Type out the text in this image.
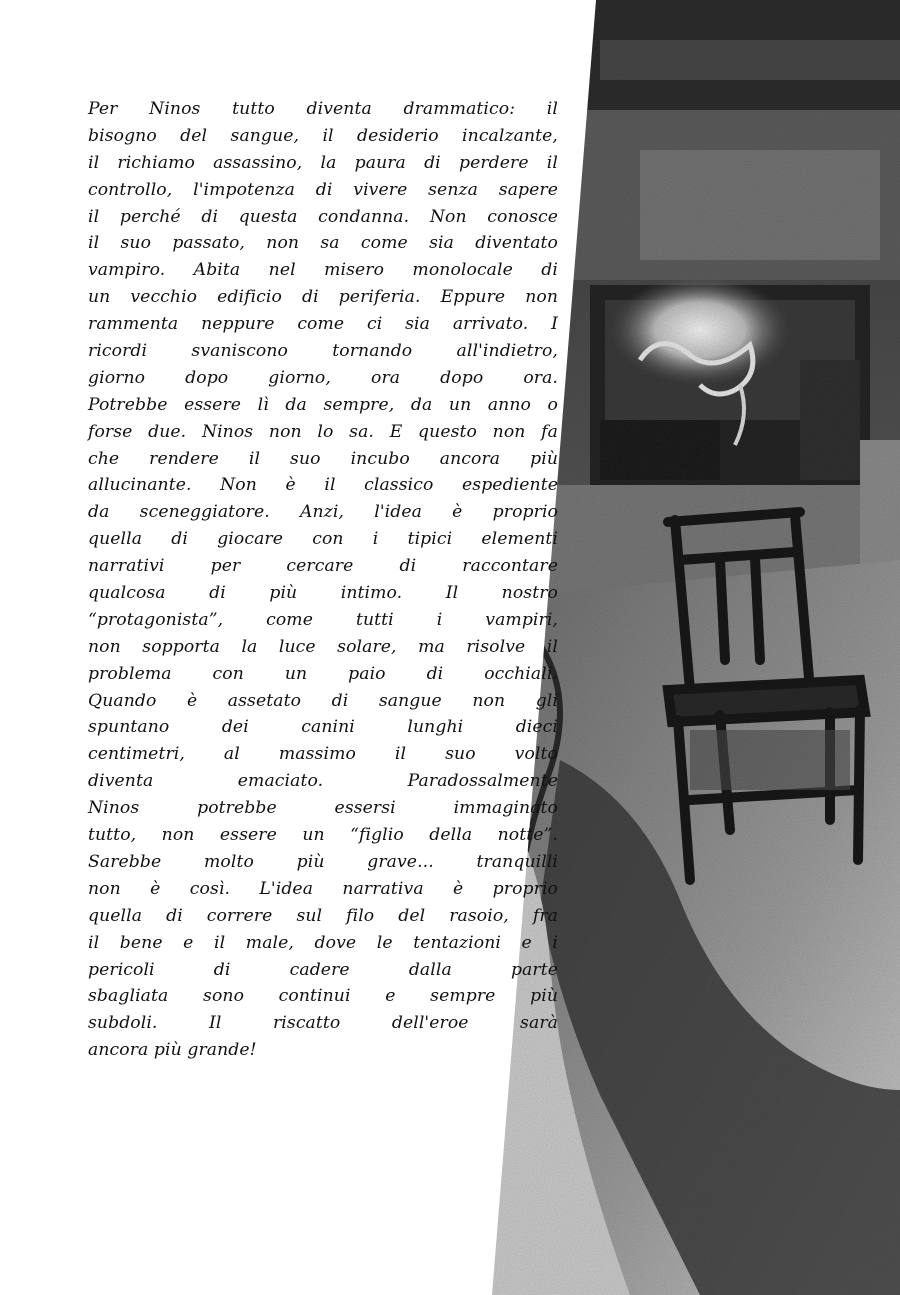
Per Ninos tutto diventa drammatico: il
bisogno del sangue, il desiderio incalzante,
il richiamo assassino, la paura di perdere il
controllo, l'impotenza di vivere senza sapere
il perché di questa condanna. Non conosce
il suo passato, non sa come sia diventato
vampiro. Abita nel misero monolocale di
un vecchio edificio di periferia. Eppure non
rammenta neppure come ci sia arrivato. I
ricordi svaniscono tornando all'indietro,
giorno dopo giorno, ora dopo ora.
Potrebbe essere lì da sempre, da un anno o
forse due. Ninos non lo sa. E questo non fa
che rendere il suo incubo ancora più
allucinante. Non è il classico espediente
da sceneggiatore. Anzi, l'idea è proprio
quella di giocare con i tipici elementi
narrativi per cercare di raccontare
qualcosa di più intimo. Il nostro
“protagonista”, come tutti i vampiri,
non sopporta la luce solare, ma risolve il
problema con un paio di occhiali.
Quando è assetato di sangue non gli
spuntano dei canini lunghi dieci
centimetri, al massimo il suo volto
diventa emaciato. Paradossalmente
Ninos potrebbe essersi immaginato
tutto, non essere un “figlio della notte”.
Sarebbe molto più grave... tranquilli
non è così. L'idea narrativa è proprio
quella di correre sul filo del rasoio, fra
il bene e il male, dove le tentazioni e i
pericoli di cadere dalla parte
sbagliata sono continui e sempre più
subdoli. Il riscatto dell'eroe sarà
ancora più grande!
